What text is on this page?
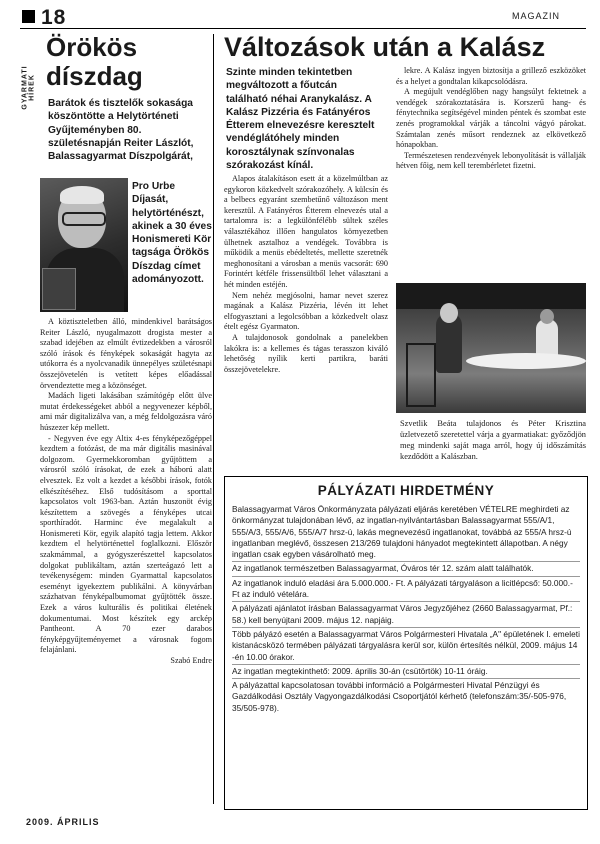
18	MAGAZIN
GYARMATI HÍREK
Örökös díszdag

Barátok és tisztelők sokasága köszöntötte a Helytörténeti Gyűjteményben 80. születésnapján Reiter Lászlót, Balassagyarmat Díszpolgárát,

Pro Urbe Díjasát, helytörténészt, akinek a 30 éves Honismereti Kör tagsága Örökös Díszdag címet adományozott.

A köztiszteletben álló, mindenkivel barátságos Reiter László, nyugalmazott drogista mester a szabad idejében az elmúlt évtizedekben a városról szóló írások és fényképek sokaságát hagyta az utókorra és a nyolcvanadik ünnepélyes születésnapi összejövetelén is vetített képes előadással örvendeztette meg a közönséget.

Madách ligeti lakásában számítógép előtt ülve mutat érdekességeket abból a negyvenezer képből, ami már digitalizálva van, a még feldolgozásra váró húszezer kép mellett.

- Negyven éve egy Altix 4-es fényképezőgéppel kezdtem a fotózást, de ma már digitális masinával dolgozom. Gyermekkoromban gyűjtöttem a városról szóló írásokat, de ezek a háború alatt elvesztek. Ez volt a kezdet a későbbi írások, fotók elkészítéséhez. Első tudósításom a sporttal kapcsolatos volt 1963-ban. Aztán huszonöt évig készítettem a szövegés a fényképes utcai sporthíradót. Harminc éve megalakult a Honismereti Kör, egyik alapító tagja lettem. Akkor kezdtem el helytörténettel foglalkozni. Először szakmámmal, a gyógyszerészettel kapcsolatos dolgokat publikáltam, aztán szerteágazó lett a tevékenységem: minden Gyarmattal kapcsolatos eseményt igyekeztem publikálni. A könyvárban százhatvan fényképalbumomat gyűjtötték össze. Ezek a város kulturális és politikai életének dokumentumai. Most készítek egy arckép Pantheont. A 70 ezer darabos fényképgyűjteményemet a városnak fogom felajánlani.

Szabó Endre

Változások után a Kalász

Szinte minden tekintetben megváltozott a főutcán található néhai Aranykalász. A Kalász Pizzéria és Fatányéros Étterem elnevezésre keresztelt vendéglátóhely minden korosztálynak színvonalas szórakozást kínál.

Alapos átalakításon esett át a közelmúltban az egykoron közkedvelt szórakozóhely. A külcsín és a belbecs egyaránt szembetűnő változáson ment keresztül. A Fatányéros Étterem elnevezés utal a tartalomra is: a legkülönfélébb sültek széles választékához illően hangulatos környezetben ülhetnek asztalhoz a vendégek. Továbbra is működik a menüs ebédeltetés, mellette szeretnék meghonosítani a városban a menüs vacsorát: 690 Forintért kétféle frissensültből lehet választani a hét minden estéjén.

Nem nehéz megjósolni, hamar nevet szerez magának a Kalász Pizzéria, lévén itt lehet elfogyasztani a legolcsóbban a közkedvelt olasz ételt egész Gyarmaton.

A tulajdonosok gondolnak a panelekben lakókra is: a kellemes és tágas terasszon kiváló lehetőség nyílik kerti partikra, baráti összejövetelekre.

lekre. A Kalász ingyen biztosítja a grillező eszközöket és a helyet a gondtalan kikapcsolódásra.

A megújult vendéglőben nagy hangsúlyt fektetnek a vendégek szórakoztatására is. Korszerű hang- és fénytechnika segítségével minden péntek és szombat este zenés programokkal várják a táncolni vágyó párokat. Számtalan zenés műsort rendeznek az elkövetkező hónapokban.

Természetesen rendezvények lebonyolítását is vállalják hétven főig, nem kell terembérletet fizetni.

Szvetlik Beáta tulajdonos és Péter Krisztina üzletvezető szeretettel várja a gyarmatiakat: győződjön meg mindenki saját maga arról, hogy új időszámítás kezdődött a Kalászban.

PÁLYÁZATI HIRDETMÉNY
Balassagyarmat Város Önkormányzata pályázati eljárás keretében VÉTELRE meghirdeti az önkormányzat tulajdonában lévő, az ingatlan-nyilvántartásban Balassagyarmat 555/A/1, 555/A/3, 555/A/6, 555/A/7 hrsz-ú, lakás megnevezésű ingatlanokat, továbbá az 555/A hrsz-ú ingatlanban meglévő, összesen 213/269 tulajdoni hányadot megtekintett állapotban. A négy ingatlan csak egyben vásárolható meg.
Az ingatlanok természetben Balassagyarmat, Óváros tér 12. szám alatt találhatók.
Az ingatlanok induló eladási ára 5.000.000.- Ft. A pályázati tárgyaláson a licitlépcső: 50.000.- Ft az induló vételára.
A pályázati ajánlatot írásban Balassagyarmat Város Jegyzőjéhez (2660 Balassagyarmat, Pf.: 58.) kell benyújtani 2009. május 12. napjáig.
Több pályázó esetén a Balassagyarmat Város Polgármesteri Hivatala „A" épületének I. emeleti kistanácsközó termében pályázati tárgyalásra kerül sor, külön értesítés nélkül, 2009. május 14 -én 10.00 órakor.
Az ingatlan megtekinthető: 2009. április 30-án (csütörtök) 10-11 óráig.
A pályázattal kapcsolatosan további információ a Polgármesteri Hivatal Pénzügyi és Gazdálkodási Osztály Vagyongazdálkodási Csoportjától kérhető (telefonszám:35/-505-976, 35/505-978).
2009. ÁPRILIS
